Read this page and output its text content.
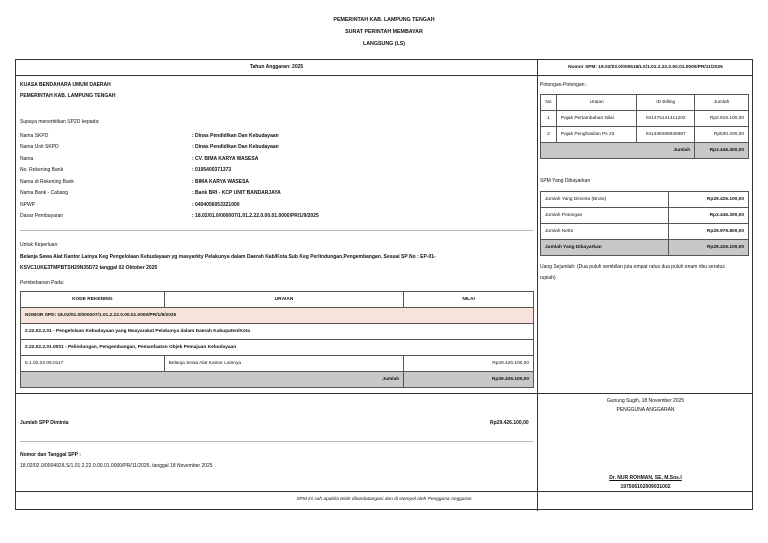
PEMERINTAH KAB. LAMPUNG TENGAH
SURAT PERINTAH MEMBAYAR
LANGSUNG (LS)
Tahun Anggaran: 2025	Nomor SPM: 18.02/03.0/000518/LS/1.01.2.22.0.00.01.0000/PR/11/2025
KUASA BENDAHARA UMUM DAERAH
PEMERINTAH KAB. LAMPUNG TENGAH
Supaya menerbitkan SP2D kepada:
Nama SKPD	: Dinas Pendidikan Dan Kebudayaan
Nama Unit SKPD	: Dinas Pendidikan Dan Kebudayaan
Nama	: CV. BIMA KARYA WASESA
No. Rekening Bank	: 0195400371373
Nama di Rekening Bank	: BIMA KARYA WASESA
Nama Bank - Cabang	: Bank BRI - KCP UNIT BANDARJAYA
NPWP	: 0404056053321000
Dasar Pembayaran	: 18.02/01.0/000007/1.01.2.22.0.00.01.0000/PR/1/9/2025
Untuk Keperluan:
Belanja Sewa Alat Kantor Lainya Keg Pengelolaan Kebudayaan yg masyarkty Pelakunya dalam Daerah Kab/Kota Sub Keg Perlindungan,Pengembangan. Sesuai SP No : EP-01-
KSVC1UKE3TMPBTSH29N35D72 tanggal 02 Oktober 2025
Pembebanan Pada:
KODE REKENING	URAIAN	NILAI
NOMOR SPD: 18.02/01.0/000007/1.01.2.22.0.00.01.0000/PR/1/9/2025		
2.22.02.2.01 - Pengelolaan Kebudayaan yang Masyarakat Pelakunya dalam Daerah Kabupaten/Kota		
2.22.02.2.01.0001 - Pelindungan, Pengembangan, Pemanfaatan Objek Pemajuan Kebudayaan		
5.1.02.02.06.0117	Belanja Sewa Alat Kantor Lainnya	Rp29.426.100,00
Jumlah		Rp29.426.100,00
Jumlah SPP Diminta	Rp29.426.100,00
Nomor dan Tanggal SPP :
18.02/02.0/000492/LS/1.01.2.22.0.00.01.0000/PR/11/2025, tanggal 18 November 2025
Potongan-Potongan :
No	Uraian	ID Billing	Jumlah
1	Pajak Pertambahan Nilai	041475141411202	Rp2.916.100,00
2	Pajak Penghasilan Ps 23	041438288645887	Rp530.200,00
Jumlah			Rp3.446.300,00
SPM Yang Dibayarkan
Jumlah Yang Diminta (Bruto)	Rp29.426.100,00
Jumlah Potongan	Rp3.446.300,00
Jumlah Netto	Rp25.979.800,00
Jumlah Yang Dibayarkan	Rp29.426.100,00
Uang Sejumlah: (Dua puluh sembilan juta empat ratus dua puluh enam ribu seratus
rupiah)
Gunung Sugih, 18 November 2025
PENGGUNA ANGGARAN
Dr. NUR ROHMAN, SE, M.Sos.I
197506102009031002
SPM ini sah apabila telah ditandatangani dan di stempel oleh Pengguna Anggaran
